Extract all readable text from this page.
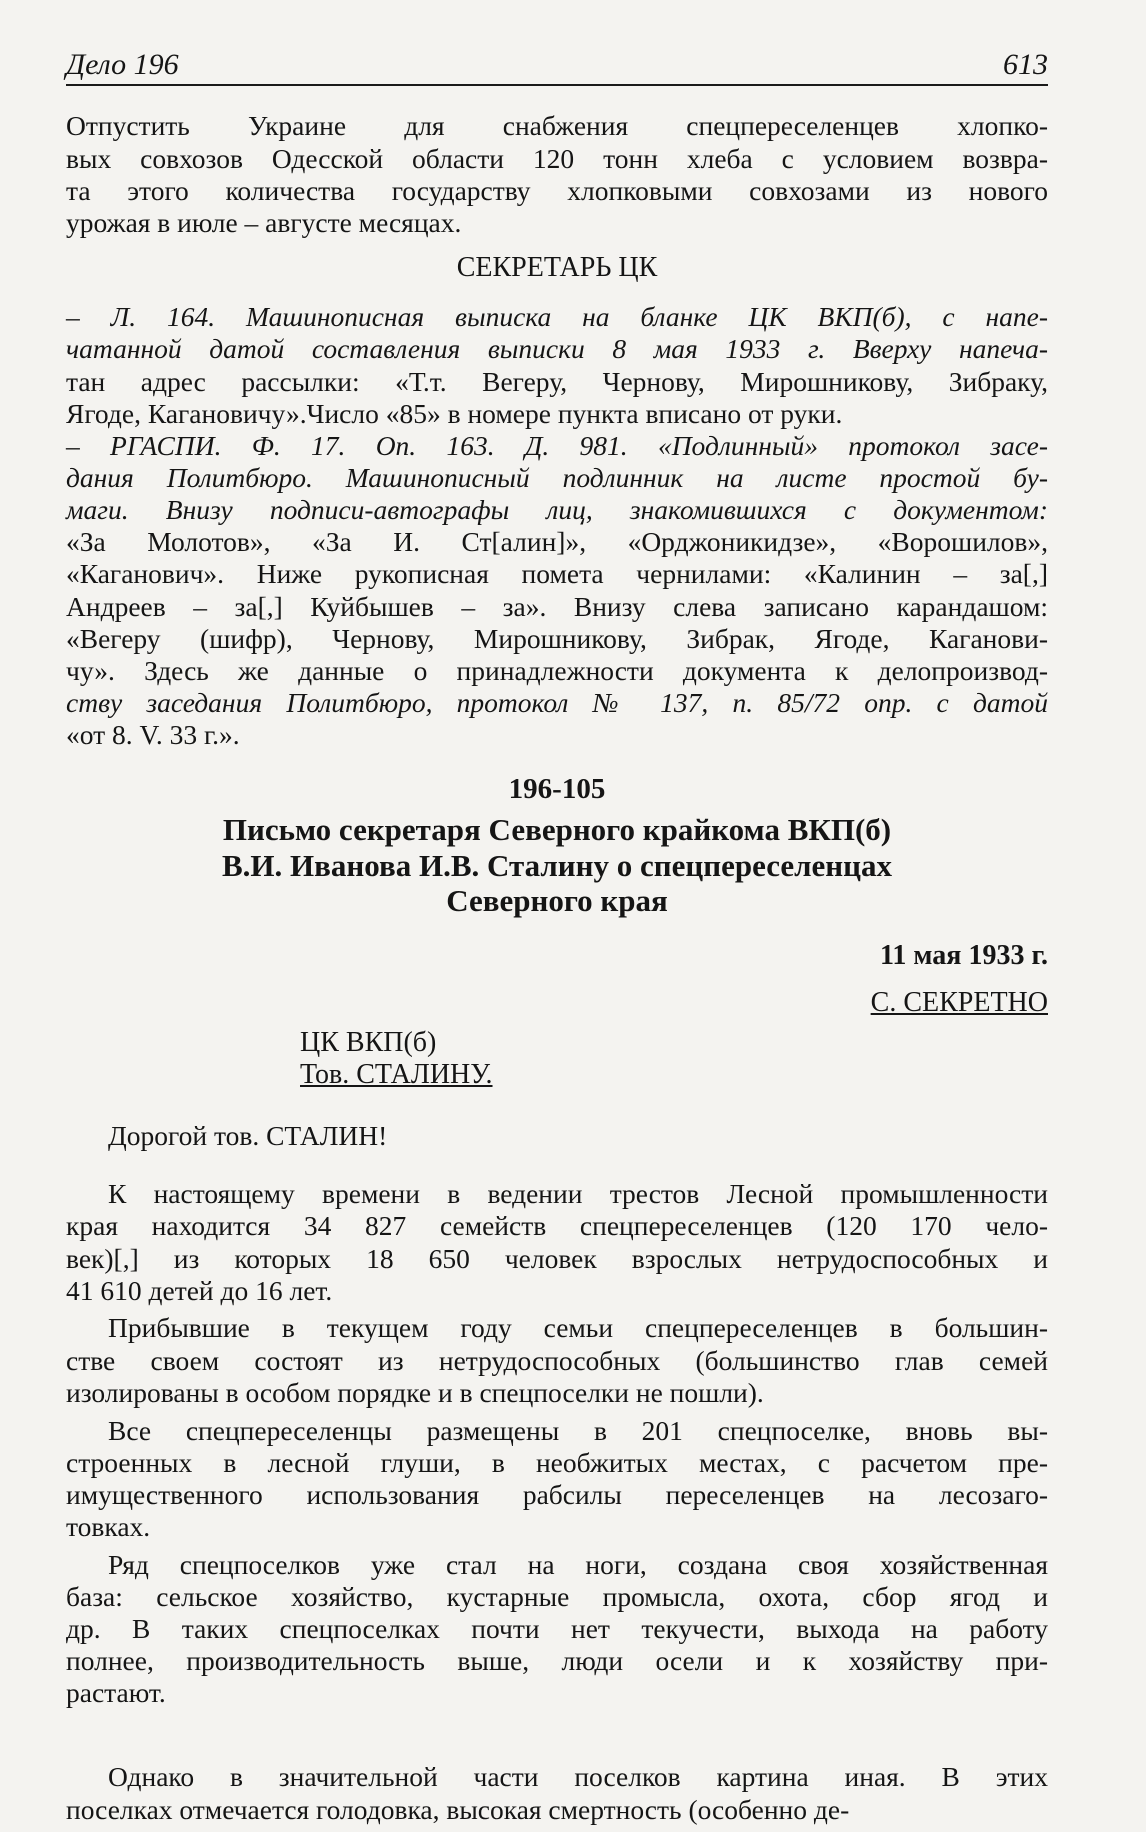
Дело 196	613
Отпустить Украине для снабжения спецпереселенцев хлопко-
вых совхозов Одесской области 120 тонн хлеба с условием возвра-
та этого количества государству хлопковыми совхозами из нового
урожая в июле – августе месяцах.
СЕКРЕТАРЬ ЦК
– Л. 164. Машинописная выписка на бланке ЦК ВКП(б), с напе-
чатанной датой составления выписки 8 мая 1933 г. Вверху напеча-
тан адрес рассылки: «Т.т. Вегеру, Чернову, Мирошникову, Зибраку,
Ягоде, Кагановичу».Число «85» в номере пункта вписано от руки.
– РГАСПИ. Ф. 17. Оп. 163. Д. 981. «Подлинный» протокол засе-
дания Политбюро. Машинописный подлинник на листе простой бу-
маги. Внизу подписи-автографы лиц, знакомившихся с документом:
«За Молотов», «За И. Ст[алин]», «Орджоникидзе», «Ворошилов»,
«Каганович». Ниже рукописная помета чернилами: «Калинин – за[,]
Андреев – за[,] Куйбышев – за». Внизу слева записано карандашом:
«Вегеру (шифр), Чернову, Мирошникову, Зибрак, Ягоде, Каганови-
чу». Здесь же данные о принадлежности документа к делопроизвод-
ству заседания Политбюро, протокол № 137, п. 85/72 опр. с датой
«от 8. V. 33 г.».
196-105
Письмо секретаря Северного крайкома ВКП(б)
В.И. Иванова И.В. Сталину о спецпереселенцах
Северного края
11 мая 1933 г.
С. СЕКРЕТНО
ЦК ВКП(б)
Тов. СТАЛИНУ.
Дорогой тов. СТАЛИН!
К настоящему времени в ведении трестов Лесной промышленности
края находится 34 827 семейств спецпереселенцев (120 170 чело-
век)[,] из которых 18 650 человек взрослых нетрудоспособных и
41 610 детей до 16 лет.
Прибывшие в текущем году семьи спецпереселенцев в большин-
стве своем состоят из нетрудоспособных (большинство глав семей
изолированы в особом порядке и в спецпоселки не пошли).
Все спецпереселенцы размещены в 201 спецпоселке, вновь вы-
строенных в лесной глуши, в необжитых местах, с расчетом пре-
имущественного использования рабсилы переселенцев на лесозаго-
товках.
Ряд спецпоселков уже стал на ноги, создана своя хозяйственная
база: сельское хозяйство, кустарные промысла, охота, сбор ягод и
др. В таких спецпоселках почти нет текучести, выхода на работу
полнее, производительность выше, люди осели и к хозяйству при-
растают.
Однако в значительной части поселков картина иная. В этих
поселках отмечается голодовка, высокая смертность (особенно де-
